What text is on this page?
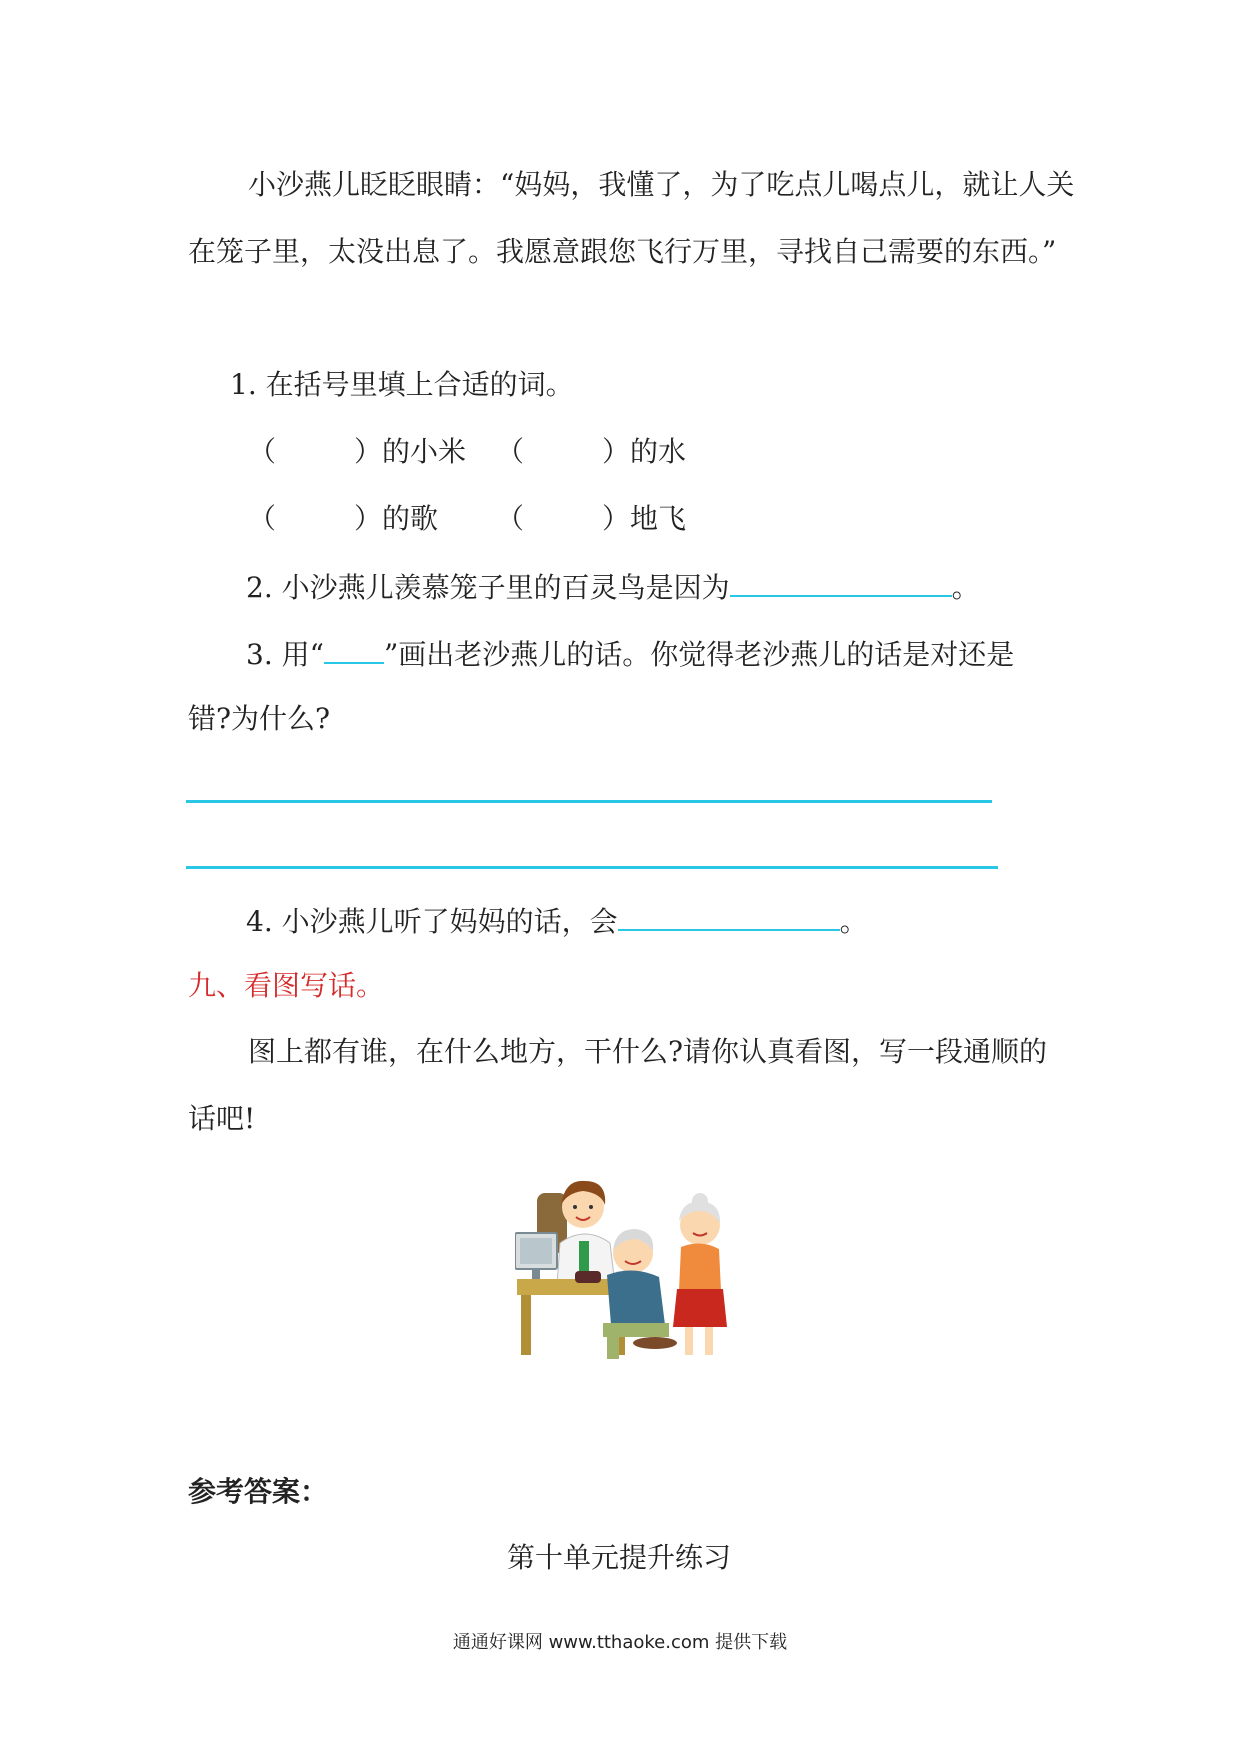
小沙燕儿眨眨眼睛：“妈妈，我懂了，为了吃点儿喝点儿，就让人关
在笼子里，太没出息了。我愿意跟您飞行万里，寻找自己需要的东西。”
1. 在括号里填上合适的词。
（	）的小米 （	）的水
（	）的歌 （	）地飞
2. 小沙燕儿羡慕笼子里的百灵鸟是因为	。
3. 用“ ”画出老沙燕儿的话。你觉得老沙燕儿的话是对还是
错?为什么?
4. 小沙燕儿听了妈妈的话，会	。
九、看图写话。
图上都有谁，在什么地方，干什么?请你认真看图，写一段通顺的
话吧!
参考答案：
第十单元提升练习
通通好课网 www.tthaoke.com 提供下载
